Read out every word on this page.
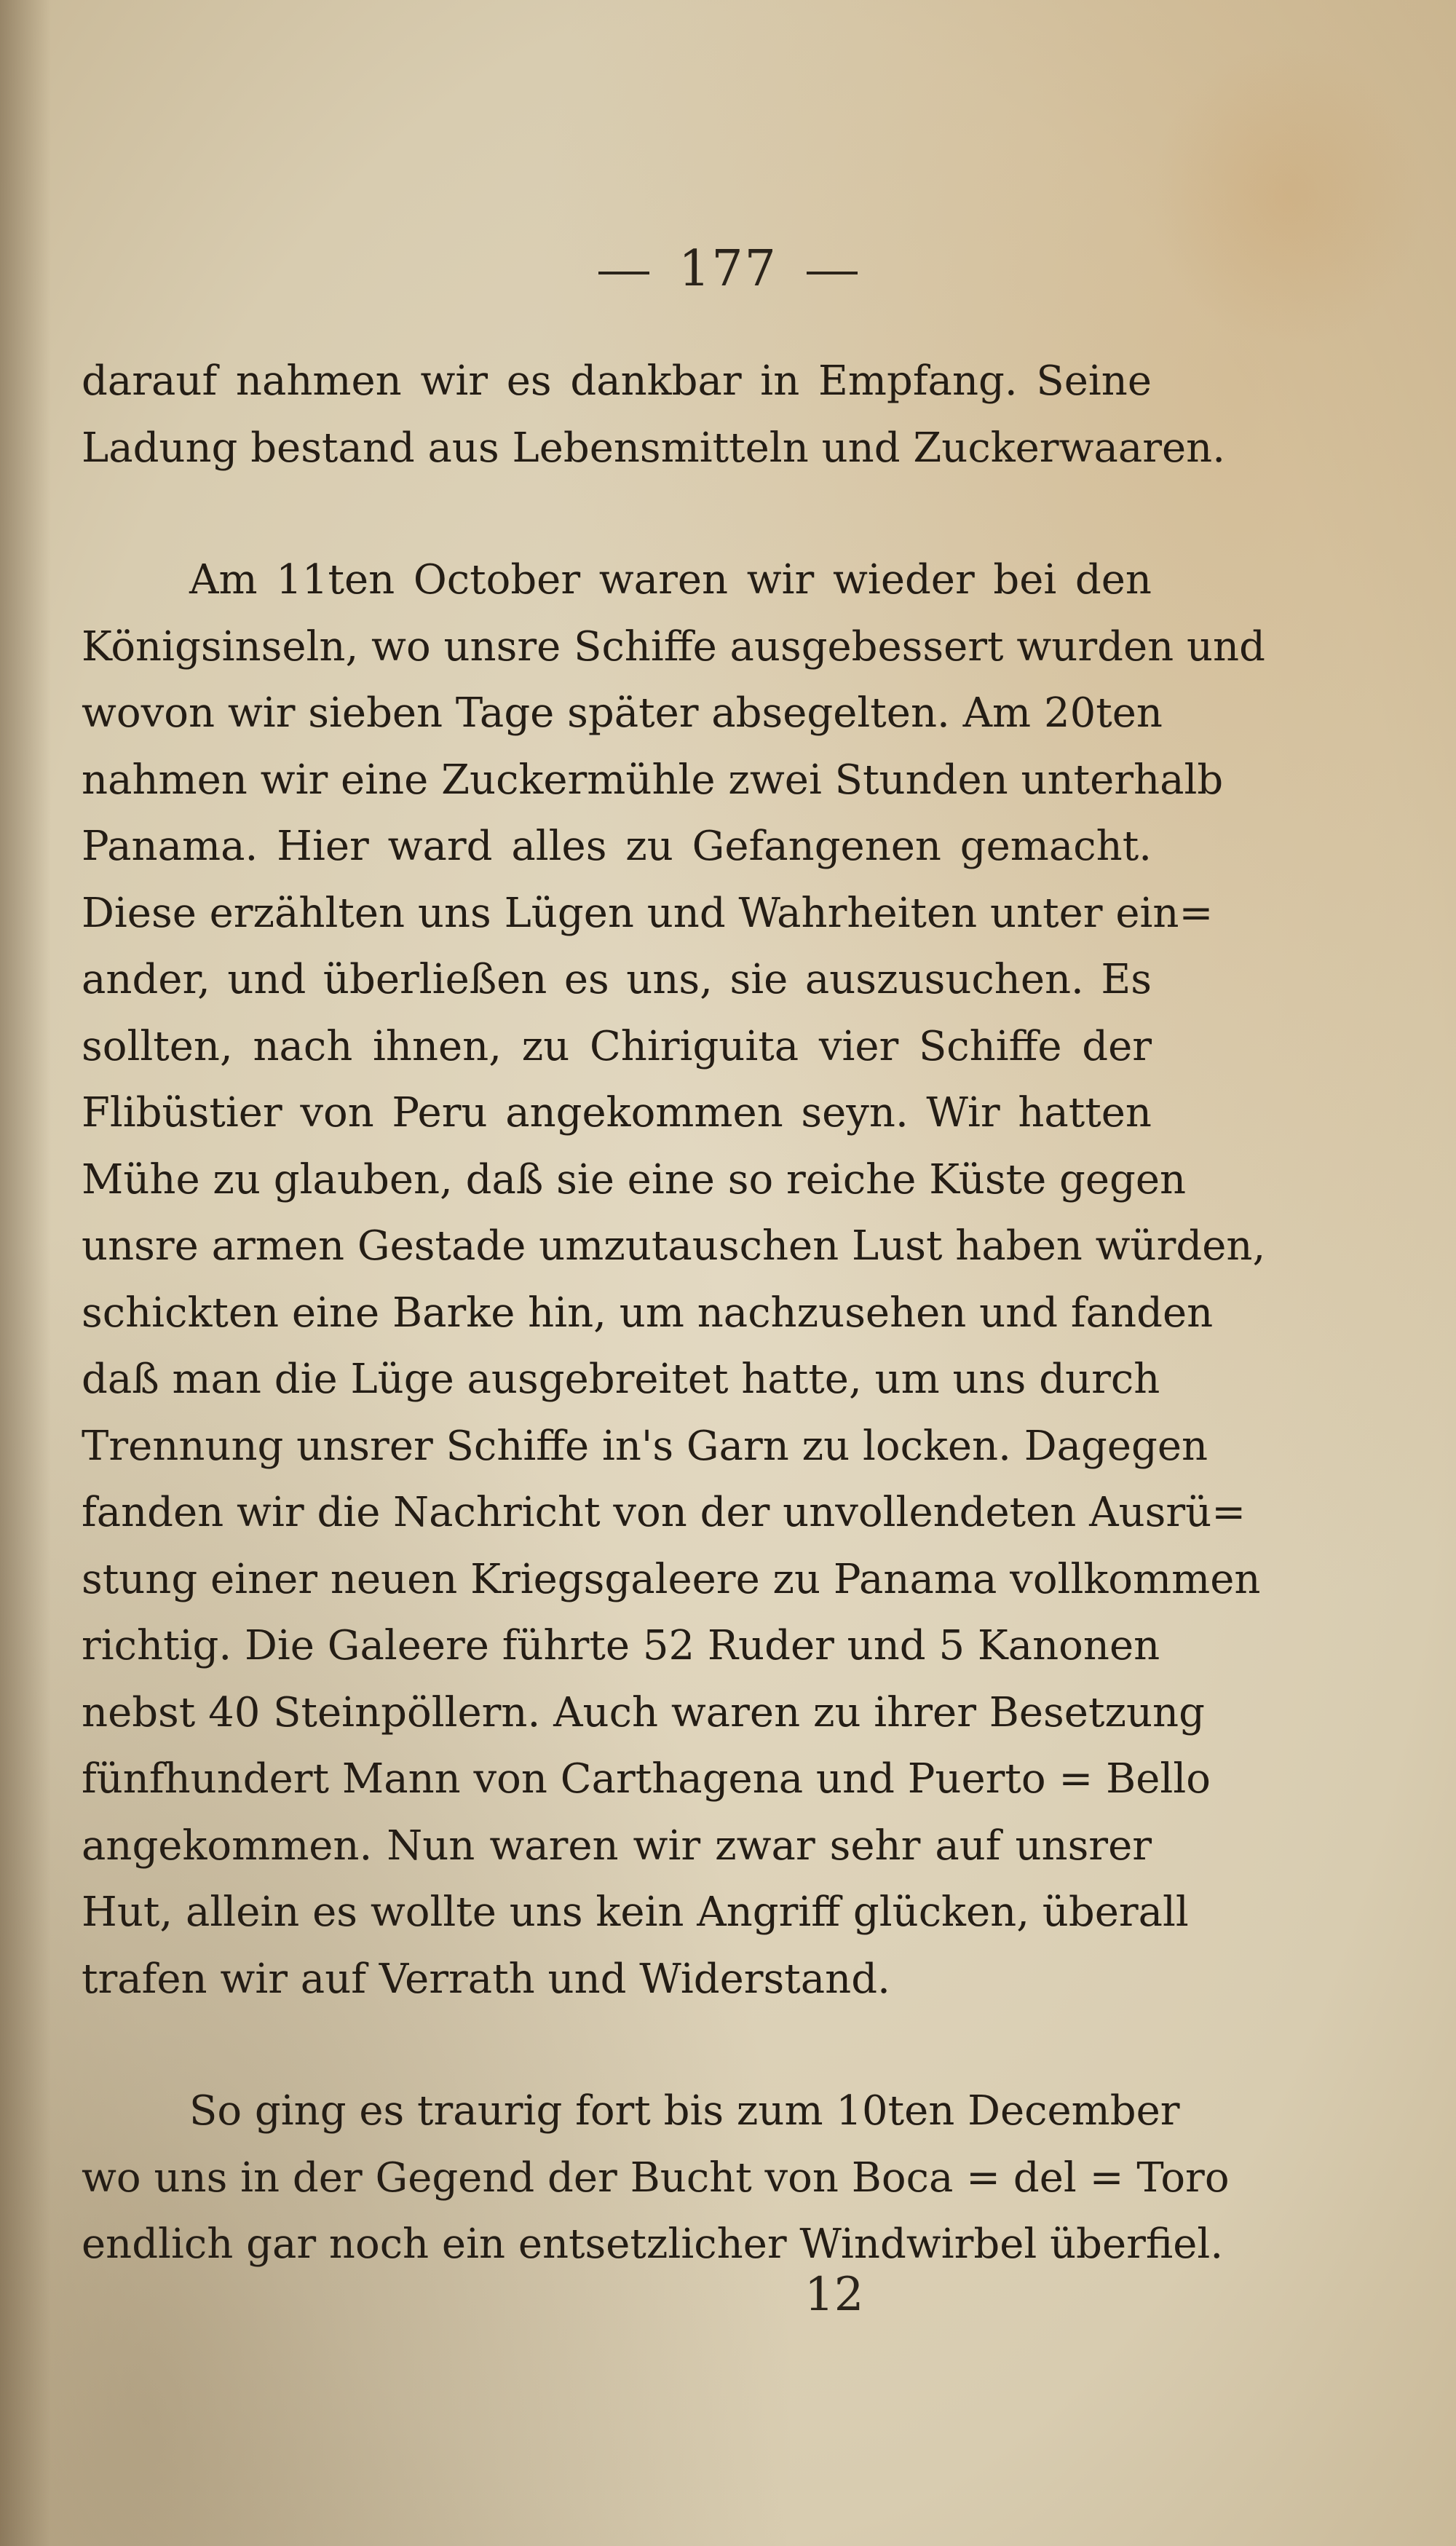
177
darauf nahmen wir es dankbar in Empfang. Seine
Ladung bestand aus Lebensmitteln und Zuckerwaaren.
Am 11ten October waren wir wieder bei den
Königsinseln, wo unsre Schiffe ausgebessert wurden und
wovon wir sieben Tage später absegelten. Am 20ten
nahmen wir eine Zuckermühle zwei Stunden unterhalb
Panama. Hier ward alles zu Gefangenen gemacht.
Diese erzählten uns Lügen und Wahrheiten unter ein=
ander, und überließen es uns, sie auszusuchen. Es
sollten, nach ihnen, zu Chiriguita vier Schiffe der
Flibüstier von Peru angekommen seyn. Wir hatten
Mühe zu glauben, daß sie eine so reiche Küste gegen
unsre armen Gestade umzutauschen Lust haben würden,
schickten eine Barke hin, um nachzusehen und fanden
daß man die Lüge ausgebreitet hatte, um uns durch
Trennung unsrer Schiffe in's Garn zu locken. Dagegen
fanden wir die Nachricht von der unvollendeten Ausrü=
stung einer neuen Kriegsgaleere zu Panama vollkommen
richtig. Die Galeere führte 52 Ruder und 5 Kanonen
nebst 40 Steinpöllern. Auch waren zu ihrer Besetzung
fünfhundert Mann von Carthagena und Puerto = Bello
angekommen. Nun waren wir zwar sehr auf unsrer
Hut, allein es wollte uns kein Angriff glücken, überall
trafen wir auf Verrath und Widerstand.
So ging es traurig fort bis zum 10ten December
wo uns in der Gegend der Bucht von Boca = del = Toro
endlich gar noch ein entsetzlicher Windwirbel überfiel.
12
